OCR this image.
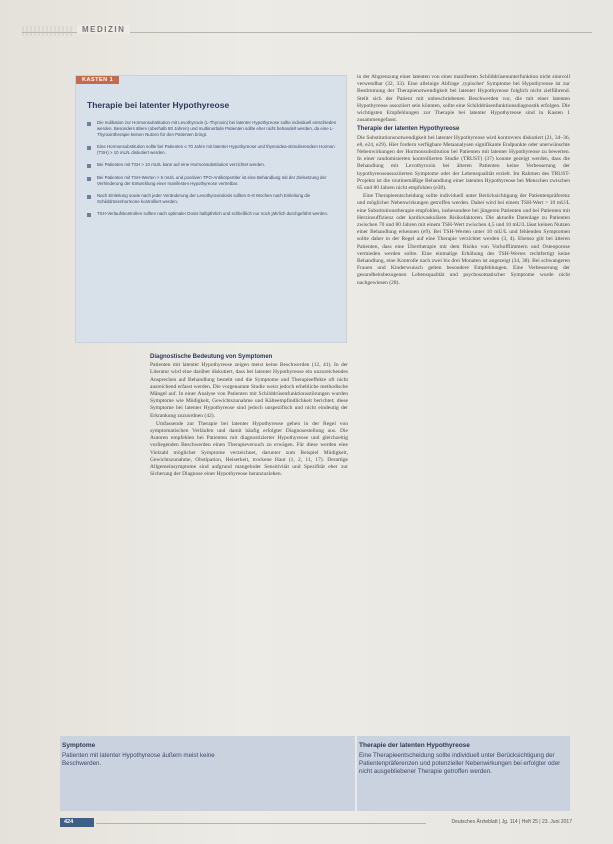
MEDIZIN
KASTEN 1
Therapie bei latenter Hypothyreose
Die Indikation zur Hormonsubstitution mit Levothyroxin (L-Thyroxin) bei latenter Hypothyreose sollte individuell entschieden werden. Besonders ältere (oberhalb 80 Jahren) und multimorbide Patienten sollte eher nicht behandelt werden, da eine L-Thyroxintherapie keinen Nutzen für den Patienten bringt.
Eine Hormonsubstitution sollte bei Patienten ≤ 70 Jahre mit latenter Hypothyreose und thyreoidea-stimulierendem Hormon (TSH) > 10 mU/L diskutiert werden.
Bei Patienten mit TSH > 10 mU/L kann auf eine Hormonsubstitution verzichtet werden.
Bei Patienten mit TSH-Werten > 5 mU/L und positiven TPO-Antikörpertiter ist eine Behandlung mit der Zielsetzung der Verhinderung der Entwicklung einer manifesten Hypothyreose vertretbar.
Nach Einleitung sowie nach jeder Veränderung der Levothyroxindosis sollten 6–8 Wochen nach Einleitung die Schilddrüsenhormone kontrolliert werden.
TSH-Verlaufskontrollen sollten nach optimaler Dosis halbjährlich und schließlich nur noch jährlich durchgeführt werden.
Diagnostische Bedeutung von Symptomen

Patienten mit latenter Hypothyreose zeigen meist keine Beschwerden (12, 41). In der Literatur wird eine darüber diskutiert, dass bei latenter Hypothyreose ein unzureichendes Ansprechen auf Behandlung besteht und die Symptome und Therapieeffekte oft nicht ausreichend erfasst werden. Die vorgenannte Studie weist jedoch erhebliche methodische Mängel auf. In einer Analyse von Patienten mit Schilddrüsenfunktionsstörungen wurden Symptome wie Müdigkeit, Gewichtszunahme und Kälteempfindlichkeit berichtet; diese Symptome bei latenter Hypothyreose sind jedoch unspezifisch und nicht eindeutig der Erkrankung zuzuordnen (42).

Umfassende zur Therapie bei latenter Hypothyreose gehen in der Regel von symptomatischen Verläufen und damit häufig erfolgter Diagnosestellung aus. Die Autoren empfehlen bei Patienten mit diagnostizierter Hypothyreose und gleichzeitig vorliegenden Beschwerden einen Therapieversuch zu erwägen. Für diese werden eine Vielzahl möglicher Symptome verzeichnet, darunter zum Beispiel Müdigkeit, Gewichtszunahme, Obstipation, Heiserkeit, trockene Haut (1, 2, 11, 17). Derartige Allgemeinsymptome sind aufgrund mangelnder Sensitivität und Spezifität eher zur Sicherung der Diagnose einer Hypothyreose heranzuziehen.

in der Abgrenzung einer latenten von einer manifesten Schilddrüsenunterfunktion nicht sinnvoll verwendbar (32, 33). Eine alleinige Abfrage ‚typischer' Symptome bei Hypothyreose ist zur Bestimmung der Therapienotwendigkeit bei latenter Hypothyreose folglich nicht zielführend. Stellt sich der Patient mit unbeschriebenen Beschwerden vor, die mit einer latenten Hypothyreose assoziiert sein könnten, sollte eine Schilddrüsenfunktionsdiagnostik erfolgen. Die wichtigsten Empfehlungen zur Therapie bei latenter Hypothyreose sind in Kasten 1 zusammengefasst.

Therapie der latenten Hypothyreose

Die Substitutionsnotwendigkeit bei latenter Hypothyreose wird kontrovers diskutiert (21, 34–36, e8, e24, e29). Hier fordern verfügbare Metaanalysen signifikante Endpunkte oder unerwünschte Nebenwirkungen der Hormonsubstitution bei Patienten mit latenter Hypothyreose zu bewerten. In einer randomisierten kontrollierten Studie (TRUST) (37) konnte gezeigt werden, dass die Behandlung mit Levothyroxin bei älteren Patienten keine Verbesserung der hypothyreoseassoziierten Symptome oder der Lebensqualität erzielt. Im Rahmen des TRUST-Projekts ist die routinemäßige Behandlung einer latenten Hypothyreose bei Menschen zwischen 65 und 80 Jahren nicht empfohlen (e38).

Eine Therapieentscheidung sollte individuell unter Berücksichtigung der Patientenpräferenz und möglicher Nebenwirkungen getroffen werden. Dabei wird bei einem TSH-Wert > 10 mU/L eine Substitutionstherapie empfohlen, insbesondere bei jüngeren Patienten und bei Patienten mit Herzinsuffizienz oder kardiovaskulären Risikofaktoren. Die aktuelle Datenlage zu Patienten zwischen 70 und 80 Jahren mit einem TSH-Wert zwischen 4,5 und 10 mU/L lässt keinen Nutzen einer Behandlung erkennen (e9). Bei TSH-Werten unter 10 mU/L und fehlenden Symptomen sollte daher in der Regel auf eine Therapie verzichtet werden (3, 4). Ebenso gilt bei älteren Patienten, dass eine Übertherapie mit dem Risiko von Vorhofflimmern und Osteoporose vermieden werden sollte. Eine einmalige Erhöhung des TSH-Wertes rechtfertigt keine Behandlung, eine Kontrolle nach zwei bis drei Monaten ist angezeigt (34, 38). Bei schwangeren Frauen und Kinderwunsch gelten besondere Empfehlungen. Eine Verbesserung der gesundheitsbezogenen Lebensqualität und psychosomatischer Symptome wurde nicht nachgewiesen (28).

Symptome
Patienten mit latenter Hypothyreose äußern meist keine Beschwerden.
Therapie der latenten Hypothyreose
Eine Therapieentscheidung sollte individuell unter Berücksichtigung der Patientenpräferenzen und potenzieller Nebenwirkungen bei erfolgter oder nicht ausgebliebener Therapie getroffen werden.
424	Deutsches Ärzteblatt | Jg. 114 | Heft 25 | 23. Juni 2017
